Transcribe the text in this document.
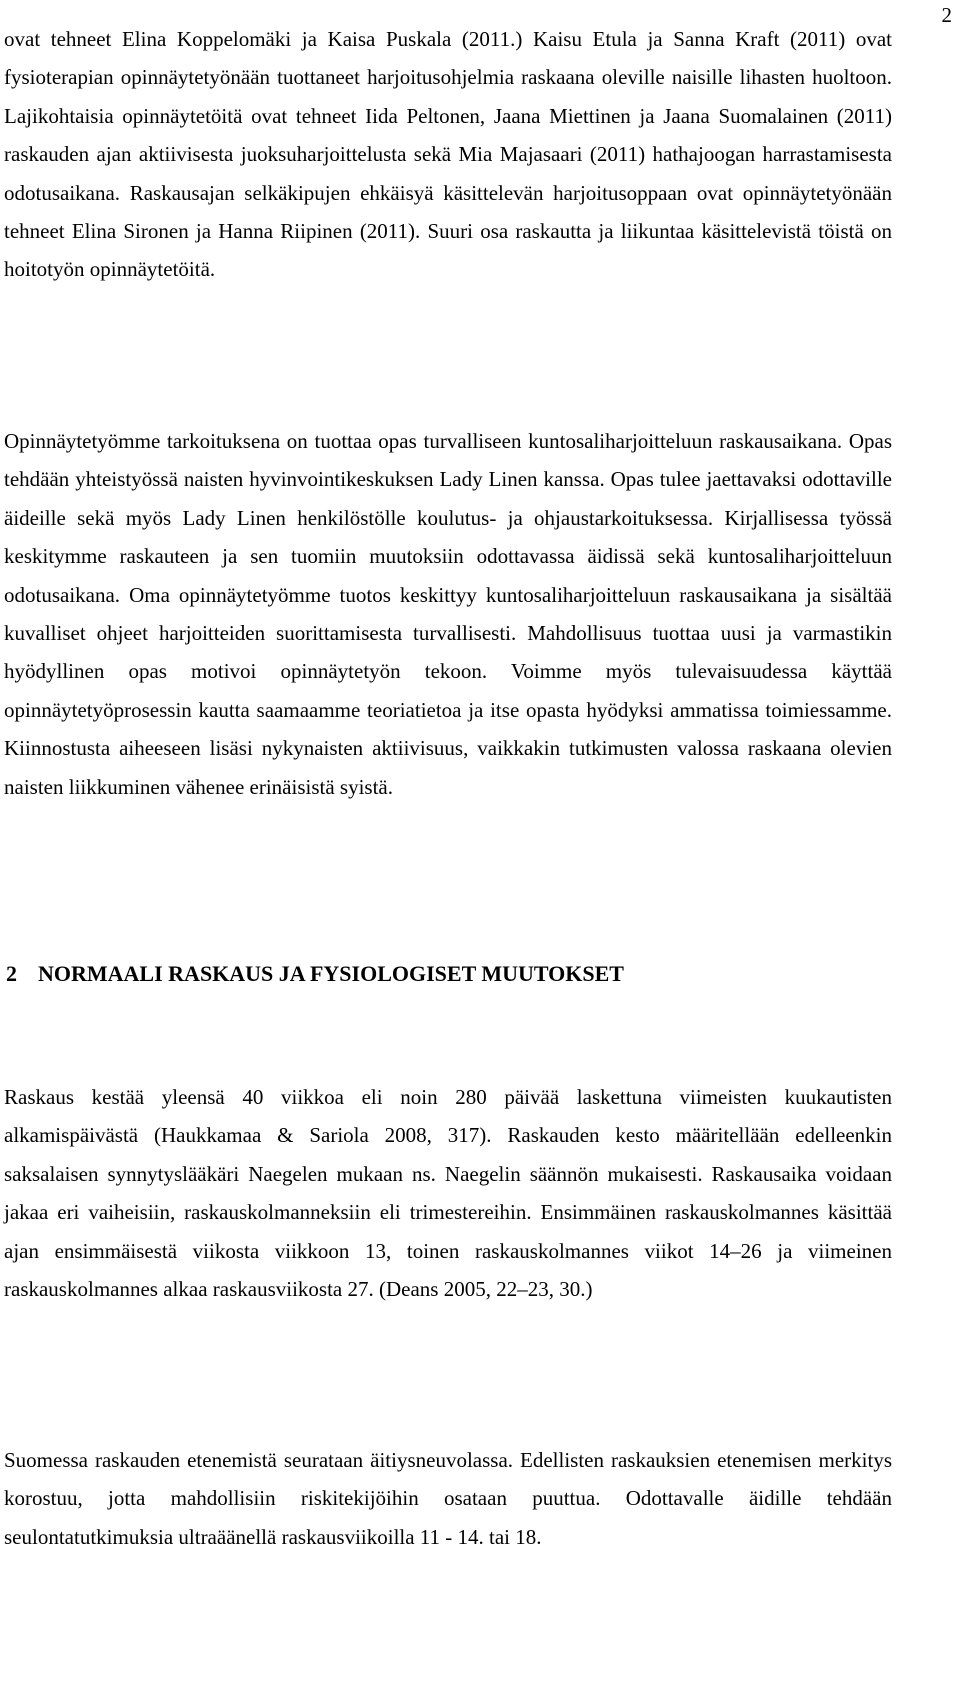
2

ovat tehneet Elina Koppelomäki ja Kaisa Puskala (2011.) Kaisu Etula ja Sanna Kraft (2011) ovat fysioterapian opinnäytetyönään tuottaneet harjoitusohjelmia raskaana oleville naisille lihasten huoltoon. Lajikohtaisia opinnäytetöitä ovat tehneet Iida Peltonen, Jaana Miettinen ja Jaana Suomalainen (2011) raskauden ajan aktiivisesta juoksuharjoittelusta sekä Mia Majasaari (2011) hathajoogan harrastamisesta odotusaikana. Raskausajan selkäkipujen ehkäisyä käsittelevän harjoitusoppaan ovat opinnäytetyönään tehneet Elina Sironen ja Hanna Riipinen (2011). Suuri osa raskautta ja liikuntaa käsittelevistä töistä on hoitotyön opinnäytetöitä.

Opinnäytetyömme tarkoituksena on tuottaa opas turvalliseen kuntosaliharjoitteluun raskausaikana. Opas tehdään yhteistyössä naisten hyvinvointikeskuksen Lady Linen kanssa. Opas tulee jaettavaksi odottaville äideille sekä myös Lady Linen henkilöstölle koulutus- ja ohjaustarkoituksessa. Kirjallisessa työssä keskitymme raskauteen ja sen tuomiin muutoksiin odottavassa äidissä sekä kuntosaliharjoitteluun odotusaikana. Oma opinnäytetyömme tuotos keskittyy kuntosaliharjoitteluun raskausaikana ja sisältää kuvalliset ohjeet harjoitteiden suorittamisesta turvallisesti. Mahdollisuus tuottaa uusi ja varmastikin hyödyllinen opas motivoi opinnäytetyön tekoon. Voimme myös tulevaisuudessa käyttää opinnäytetyöprosessin kautta saamaamme teoriatietoa ja itse opasta hyödyksi ammatissa toimiessamme. Kiinnostusta aiheeseen lisäsi nykynaisten aktiivisuus, vaikkakin tutkimusten valossa raskaana olevien naisten liikkuminen vähenee erinäisistä syistä.

2 NORMAALI RASKAUS JA FYSIOLOGISET MUUTOKSET

Raskaus kestää yleensä 40 viikkoa eli noin 280 päivää laskettuna viimeisten kuukautisten alkamispäivästä (Haukkamaa & Sariola 2008, 317). Raskauden kesto määritellään edelleenkin saksalaisen synnytyslääkäri Naegelen mukaan ns. Naegelin säännön mukaisesti. Raskausaika voidaan jakaa eri vaiheisiin, raskauskolmanneksiin eli trimestereihin. Ensimmäinen raskauskolmannes käsittää ajan ensimmäisestä viikosta viikkoon 13, toinen raskauskolmannes viikot 14–26 ja viimeinen raskauskolmannes alkaa raskausviikosta 27. (Deans 2005, 22–23, 30.)

Suomessa raskauden etenemistä seurataan äitiysneuvolassa. Edellisten raskauksien etenemisen merkitys korostuu, jotta mahdollisiin riskitekijöihin osataan puuttua. Odottavalle äidille tehdään seulontatutkimuksia ultraäänellä raskausviikoilla 11 - 14. tai 18.
